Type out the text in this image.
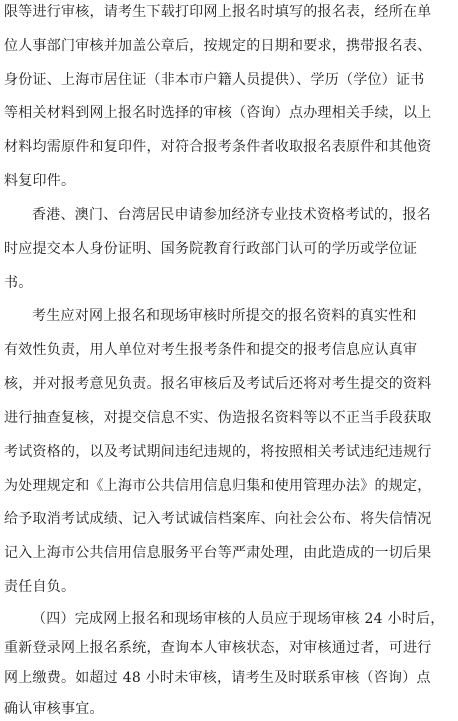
限等进行审核，请考生下载打印网上报名时填写的报名表，经所在单
位人事部门审核并加盖公章后，按规定的日期和要求，携带报名表、
身份证、上海市居住证（非本市户籍人员提供）、学历（学位）证书
等相关材料到网上报名时选择的审核（咨询）点办理相关手续，以上
材料均需原件和复印件，对符合报考条件者收取报名表原件和其他资
料复印件。
香港、澳门、台湾居民申请参加经济专业技术资格考试的，报名
时应提交本人身份证明、国务院教育行政部门认可的学历或学位证
书。
考生应对网上报名和现场审核时所提交的报名资料的真实性和
有效性负责，用人单位对考生报考条件和提交的报考信息应认真审
核，并对报考意见负责。报名审核后及考试后还将对考生提交的资料
进行抽查复核，对提交信息不实、伪造报名资料等以不正当手段获取
考试资格的，以及考试期间违纪违规的，将按照相关考试违纪违规行
为处理规定和《上海市公共信用信息归集和使用管理办法》的规定，
给予取消考试成绩、记入考试诚信档案库、向社会公布、将失信情况
记入上海市公共信用信息服务平台等严肃处理，由此造成的一切后果
责任自负。
（四）完成网上报名和现场审核的人员应于现场审核 24 小时后，
重新登录网上报名系统，查询本人审核状态，对审核通过者，可进行
网上缴费。如超过 48 小时未审核，请考生及时联系审核（咨询）点
确认审核事宜。
